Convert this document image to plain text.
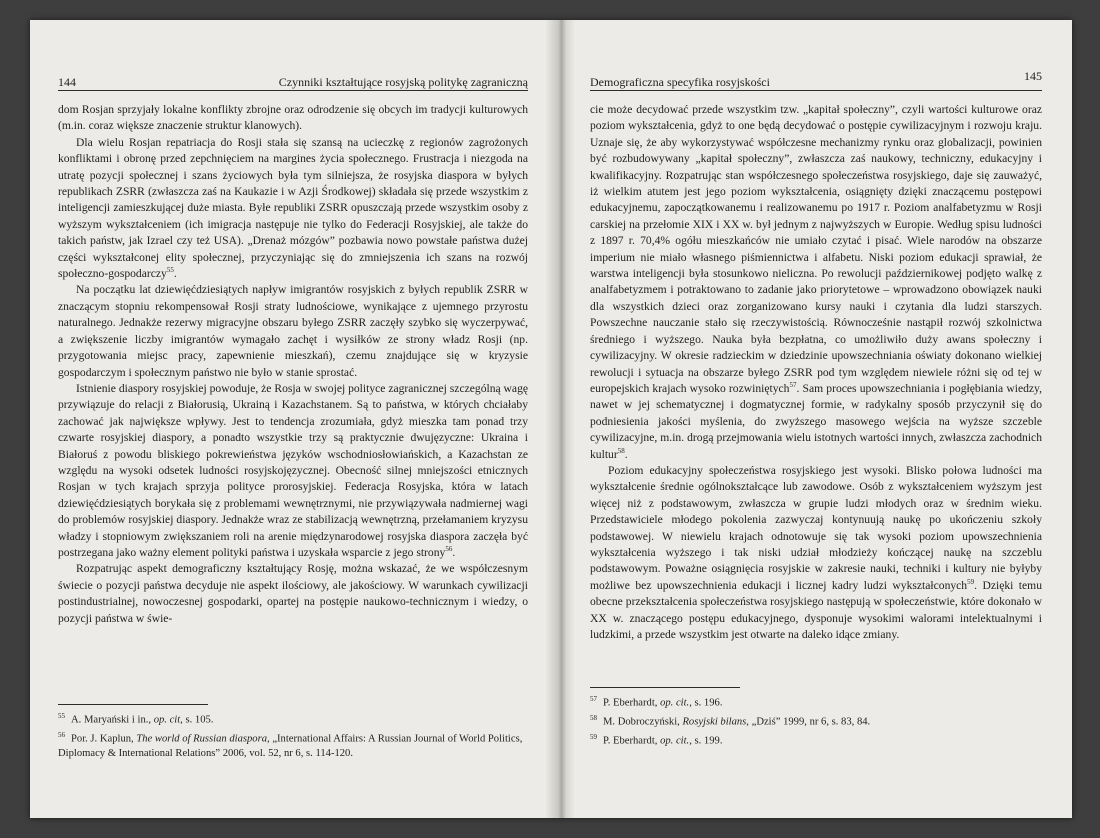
144	Czynniki kształtujące rosyjską politykę zagraniczną

dom Rosjan sprzyjały lokalne konflikty zbrojne oraz odrodzenie się obcych im tradycji kulturowych (m.in. coraz większe znaczenie struktur klanowych).

Dla wielu Rosjan repatriacja do Rosji stała się szansą na ucieczkę z regionów zagrożonych konfliktami i obronę przed zepchnięciem na margines życia społecznego. Frustracja i niezgoda na utratę pozycji społecznej i szans życiowych była tym silniejsza, że rosyjska diaspora w byłych republikach ZSRR (zwłaszcza zaś na Kaukazie i w Azji Środkowej) składała się przede wszystkim z inteligencji zamieszkującej duże miasta. Byłe republiki ZSRR opuszczają przede wszystkim osoby z wyższym wykształceniem (ich imigracja następuje nie tylko do Federacji Rosyjskiej, ale także do takich państw, jak Izrael czy też USA). „Drenaż mózgów” pozbawia nowo powstałe państwa dużej części wykształconej elity społecznej, przyczyniając się do zmniejszenia ich szans na rozwój społeczno-gospodarczy$^{55}$.

Na początku lat dziewięćdziesiątych napływ imigrantów rosyjskich z byłych republik ZSRR w znaczącym stopniu rekompensował Rosji straty ludnościowe, wynikające z ujemnego przyrostu naturalnego. Jednakże rezerwy migracyjne obszaru byłego ZSRR zaczęły szybko się wyczerpywać, a zwiększenie liczby imigrantów wymagało zachęt i wysiłków ze strony władz Rosji (np. przygotowania miejsc pracy, zapewnienie mieszkań), czemu znajdujące się w kryzysie gospodarczym i społecznym państwo nie było w stanie sprostać.

Istnienie diaspory rosyjskiej powoduje, że Rosja w swojej polityce zagranicznej szczególną wagę przywiązuje do relacji z Białorusią, Ukrainą i Kazachstanem. Są to państwa, w których chciałaby zachować jak największe wpływy. Jest to tendencja zrozumiała, gdyż mieszka tam ponad trzy czwarte rosyjskiej diaspory, a ponadto wszystkie trzy są praktycznie dwujęzyczne: Ukraina i Białoruś z powodu bliskiego pokrewieństwa języków wschodniosłowiańskich, a Kazachstan ze względu na wysoki odsetek ludności rosyjskojęzycznej. Obecność silnej mniejszości etnicznych Rosjan w tych krajach sprzyja polityce prorosyjskiej. Federacja Rosyjska, która w latach dziewięćdziesiątych borykała się z problemami wewnętrznymi, nie przywiązywała nadmiernej wagi do problemów rosyjskiej diaspory. Jednakże wraz ze stabilizacją wewnętrzną, przełamaniem kryzysu władzy i stopniowym zwiększaniem roli na arenie międzynarodowej rosyjska diaspora zaczęła być postrzegana jako ważny element polityki państwa i uzyskała wsparcie z jego strony$^{56}$.

Rozpatrując aspekt demograficzny kształtujący Rosję, można wskazać, że we współczesnym świecie o pozycji państwa decyduje nie aspekt ilościowy, ale jakościowy. W warunkach cywilizacji postindustrialnej, nowoczesnej gospodarki, opartej na postępie naukowo-technicznym i wiedzy, o pozycji państwa w świe-

$^{55}$ A. Maryański i in., op. cit, s. 105.
$^{56}$ Por. J. Kaplun, The world of Russian diaspora, „International Affairs: A Russian Journal of World Politics, Diplomacy & International Relations” 2006, vol. 52, nr 6, s. 114-120.
Demograficzna specyfika rosyjskości	145

cie może decydować przede wszystkim tzw. „kapitał społeczny”, czyli wartości kulturowe oraz poziom wykształcenia, gdyż to one będą decydować o postępie cywilizacyjnym i rozwoju kraju. Uznaje się, że aby wykorzystywać współczesne mechanizmy rynku oraz globalizacji, powinien być rozbudowywany „kapitał społeczny”, zwłaszcza zaś naukowy, techniczny, edukacyjny i kwalifikacyjny. Rozpatrując stan współczesnego społeczeństwa rosyjskiego, daje się zauważyć, iż wielkim atutem jest jego poziom wykształcenia, osiągnięty dzięki znaczącemu postępowi edukacyjnemu, zapoczątkowanemu i realizowanemu po 1917 r. Poziom analfabetyzmu w Rosji carskiej na przełomie XIX i XX w. był jednym z najwyższych w Europie. Według spisu ludności z 1897 r. 70,4% ogółu mieszkańców nie umiało czytać i pisać. Wiele narodów na obszarze imperium nie miało własnego piśmiennictwa i alfabetu. Niski poziom edukacji sprawiał, że warstwa inteligencji była stosunkowo nieliczna. Po rewolucji październikowej podjęto walkę z analfabetyzmem i potraktowano to zadanie jako priorytetowe – wprowadzono obowiązek nauki dla wszystkich dzieci oraz zorganizowano kursy nauki i czytania dla ludzi starszych. Powszechne nauczanie stało się rzeczywistością. Równocześnie nastąpił rozwój szkolnictwa średniego i wyższego. Nauka była bezpłatna, co umożliwiło duży awans społeczny i cywilizacyjny. W okresie radzieckim w dziedzinie upowszechniania oświaty dokonano wielkiej rewolucji i sytuacja na obszarze byłego ZSRR pod tym względem niewiele różni się od tej w europejskich krajach wysoko rozwiniętych$^{57}$. Sam proces upowszechniania i pogłębiania wiedzy, nawet w jej schematycznej i dogmatycznej formie, w radykalny sposób przyczynił się do podniesienia jakości myślenia, do zwyższego masowego wejścia na wyższe szczeble cywilizacyjne, m.in. drogą przejmowania wielu istotnych wartości innych, zwłaszcza zachodnich kultur$^{58}$.

Poziom edukacyjny społeczeństwa rosyjskiego jest wysoki. Blisko połowa ludności ma wykształcenie średnie ogólnokształcące lub zawodowe. Osób z wykształceniem wyższym jest więcej niż z podstawowym, zwłaszcza w grupie ludzi młodych oraz w średnim wieku. Przedstawiciele młodego pokolenia zazwyczaj kontynuują naukę po ukończeniu szkoły podstawowej. W niewielu krajach odnotowuje się tak wysoki poziom upowszechnienia wykształcenia wyższego i tak niski udział młodzieży kończącej naukę na szczeblu podstawowym. Poważne osiągnięcia rosyjskie w zakresie nauki, techniki i kultury nie byłyby możliwe bez upowszechnienia edukacji i licznej kadry ludzi wykształconych$^{59}$. Dzięki temu obecne przekształcenia społeczeństwa rosyjskiego następują w społeczeństwie, które dokonało w XX w. znaczącego postępu edukacyjnego, dysponuje wysokimi walorami intelektualnymi i ludzkimi, a przede wszystkim jest otwarte na daleko idące zmiany.

$^{57}$ P. Eberhardt, op. cit., s. 196.
$^{58}$ M. Dobroczyński, Rosyjski bilans, „Dziś” 1999, nr 6, s. 83, 84.
$^{59}$ P. Eberhardt, op. cit., s. 199.
